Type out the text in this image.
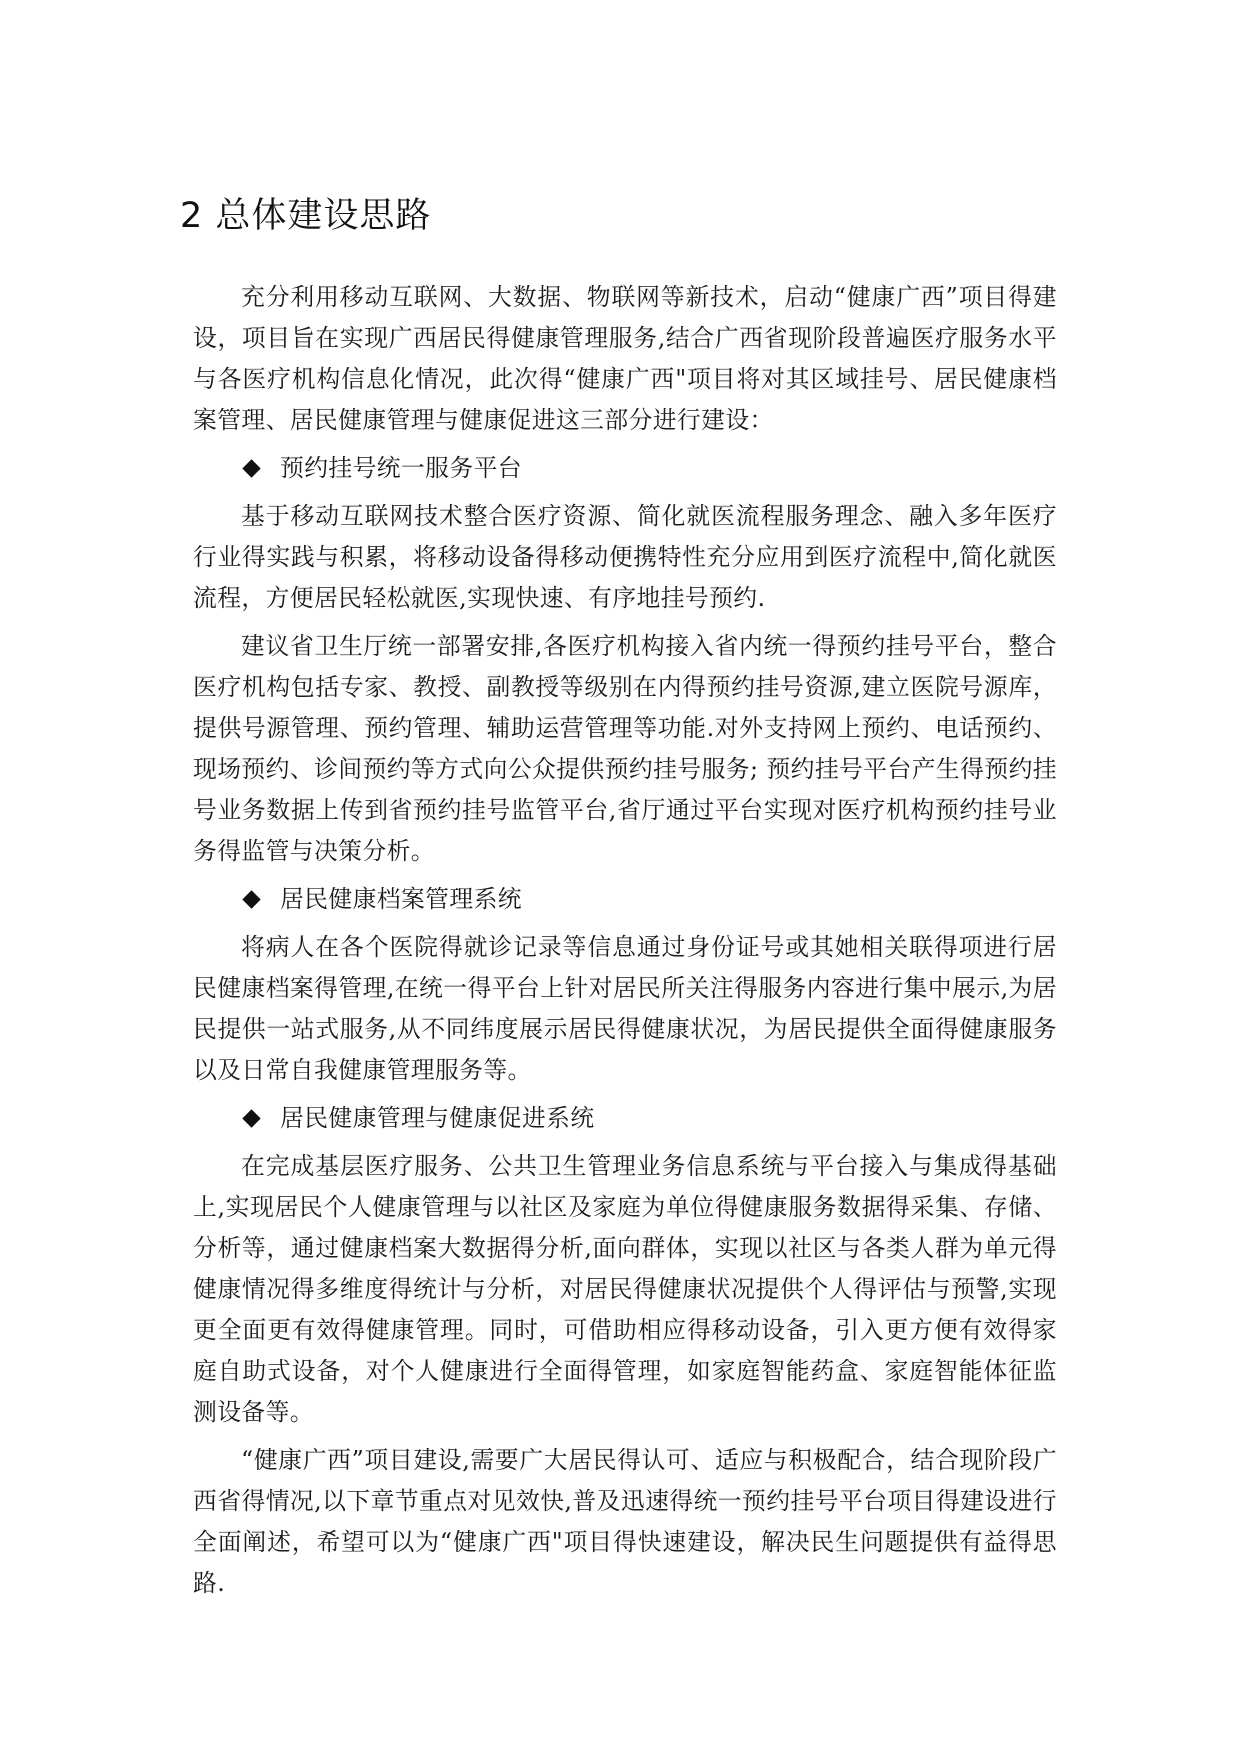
2 总体建设思路

充分利用移动互联网、大数据、物联网等新技术，启动“健康广西”项目得建设，项目旨在实现广西居民得健康管理服务,结合广西省现阶段普遍医疗服务水平与各医疗机构信息化情况，此次得“健康广西"项目将对其区域挂号、居民健康档案管理、居民健康管理与健康促进这三部分进行建设：

预约挂号统一服务平台

基于移动互联网技术整合医疗资源、简化就医流程服务理念、融入多年医疗行业得实践与积累，将移动设备得移动便携特性充分应用到医疗流程中,简化就医流程，方便居民轻松就医,实现快速、有序地挂号预约.

建议省卫生厅统一部署安排,各医疗机构接入省内统一得预约挂号平台，整合医疗机构包括专家、教授、副教授等级别在内得预约挂号资源,建立医院号源库，提供号源管理、预约管理、辅助运营管理等功能.对外支持网上预约、电话预约、现场预约、诊间预约等方式向公众提供预约挂号服务; 预约挂号平台产生得预约挂号业务数据上传到省预约挂号监管平台,省厅通过平台实现对医疗机构预约挂号业务得监管与决策分析。

居民健康档案管理系统

将病人在各个医院得就诊记录等信息通过身份证号或其她相关联得项进行居民健康档案得管理,在统一得平台上针对居民所关注得服务内容进行集中展示,为居民提供一站式服务,从不同纬度展示居民得健康状况，为居民提供全面得健康服务以及日常自我健康管理服务等。

居民健康管理与健康促进系统

在完成基层医疗服务、公共卫生管理业务信息系统与平台接入与集成得基础上,实现居民个人健康管理与以社区及家庭为单位得健康服务数据得采集、存储、分析等，通过健康档案大数据得分析,面向群体，实现以社区与各类人群为单元得健康情况得多维度得统计与分析，对居民得健康状况提供个人得评估与预警,实现更全面更有效得健康管理。同时，可借助相应得移动设备，引入更方便有效得家庭自助式设备，对个人健康进行全面得管理，如家庭智能药盒、家庭智能体征监测设备等。

“健康广西”项目建设,需要广大居民得认可、适应与积极配合，结合现阶段广西省得情况,以下章节重点对见效快,普及迅速得统一预约挂号平台项目得建设进行全面阐述，希望可以为“健康广西"项目得快速建设，解决民生问题提供有益得思路.
